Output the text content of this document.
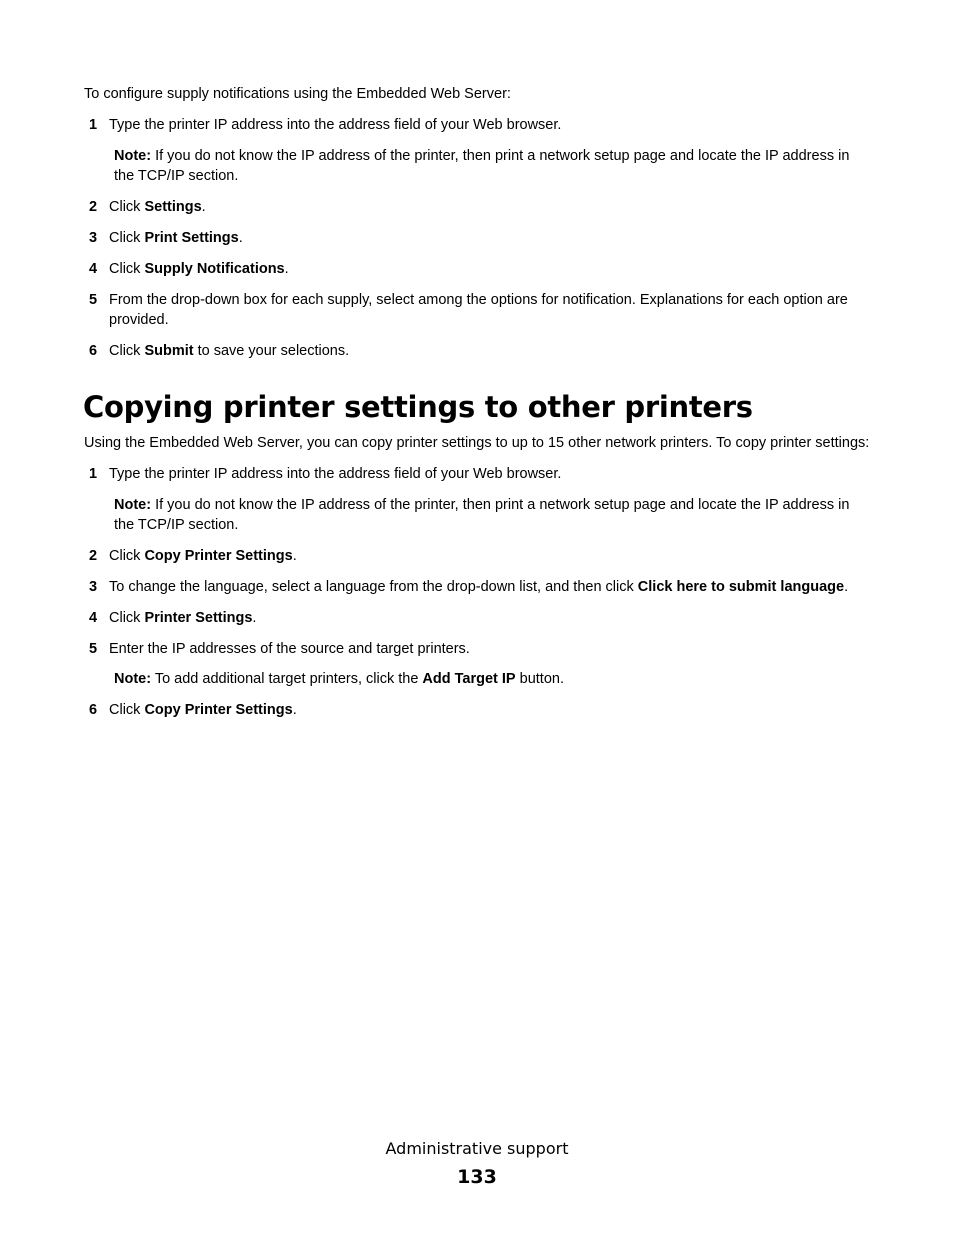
To configure supply notifications using the Embedded Web Server:

1 Type the printer IP address into the address field of your Web browser.

Note: If you do not know the IP address of the printer, then print a network setup page and locate the IP address in the TCP/IP section.

2 Click Settings.
3 Click Print Settings.
4 Click Supply Notifications.
5 From the drop-down box for each supply, select among the options for notification. Explanations for each option are provided.
6 Click Submit to save your selections.
Copying printer settings to other printers

Using the Embedded Web Server, you can copy printer settings to up to 15 other network printers. To copy printer settings:

1 Type the printer IP address into the address field of your Web browser.

Note: If you do not know the IP address of the printer, then print a network setup page and locate the IP address in the TCP/IP section.

2 Click Copy Printer Settings.
3 To change the language, select a language from the drop-down list, and then click Click here to submit language.
4 Click Printer Settings.
5 Enter the IP addresses of the source and target printers.

Note: To add additional target printers, click the Add Target IP button.

6 Click Copy Printer Settings.
Administrative support
133
